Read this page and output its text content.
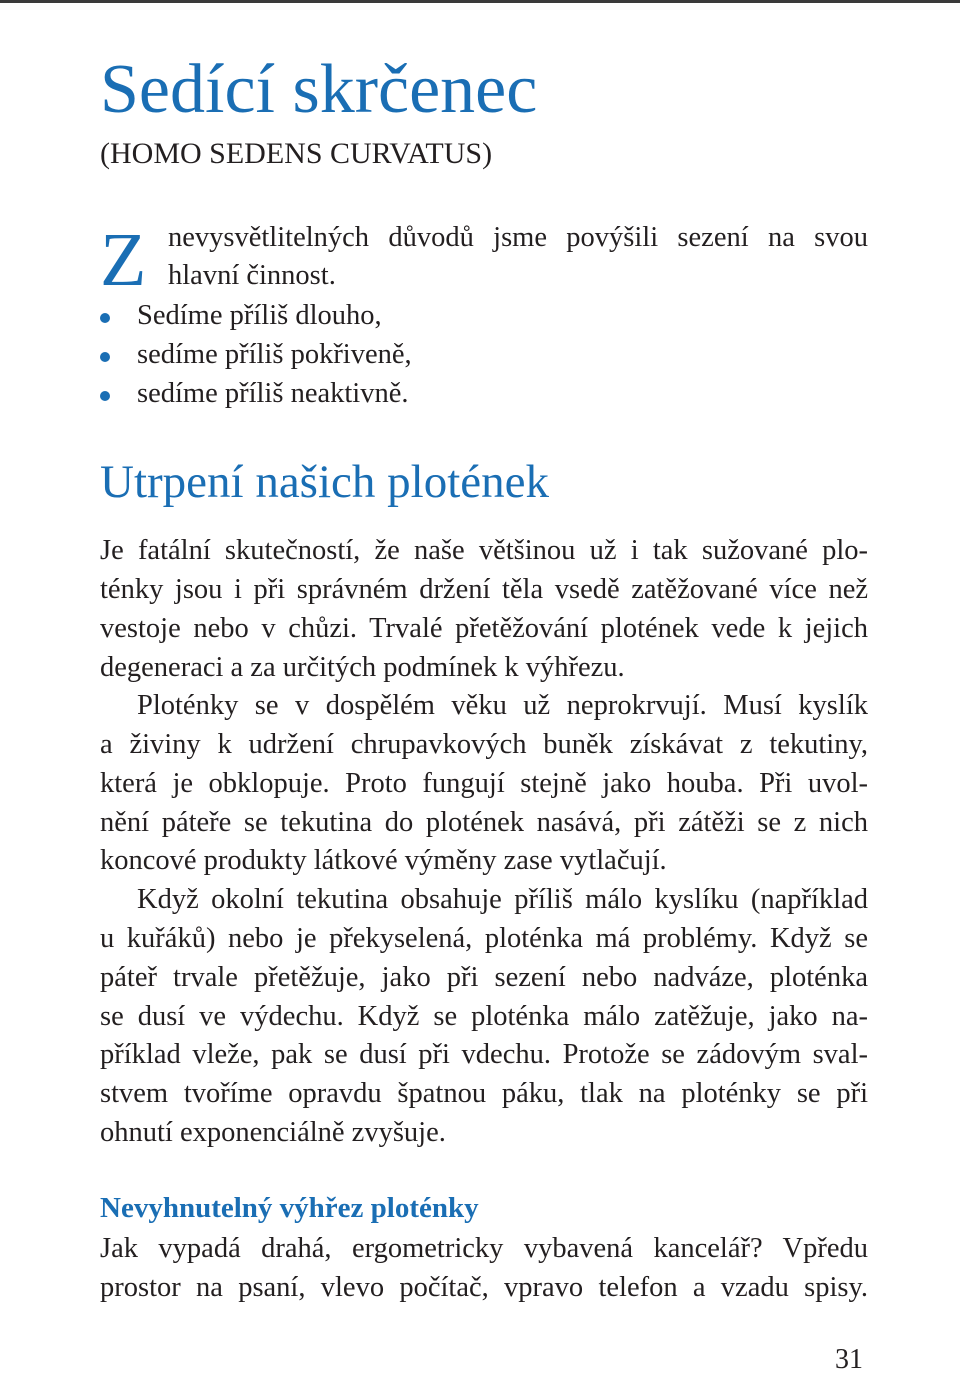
Sedící skrčenec
(HOMO SEDENS CURVATUS)
Z nevysvětlitelných důvodů jsme povýšili sezení na svou
hlavní činnost.
Sedíme příliš dlouho,
sedíme příliš pokřiveně,
sedíme příliš neaktivně.
Utrpení našich plotének
Je fatální skutečností, že naše většinou už i tak sužované plo-
ténky jsou i při správném držení těla vsedě zatěžované více než
vestoje nebo v chůzi. Trvalé přetěžování plotének vede k jejich
degeneraci a za určitých podmínek k výhřezu.
Ploténky se v dospělém věku už neprokrvují. Musí kyslík
a živiny k udržení chrupavkových buněk získávat z tekutiny,
která je obklopuje. Proto fungují stejně jako houba. Při uvol-
nění páteře se tekutina do plotének nasává, při zátěži se z nich
koncové produkty látkové výměny zase vytlačují.
Když okolní tekutina obsahuje příliš málo kyslíku (například
u kuřáků) nebo je překyselená, ploténka má problémy. Když se
páteř trvale přetěžuje, jako při sezení nebo nadváze, ploténka
se dusí ve výdechu. Když se ploténka málo zatěžuje, jako na-
příklad vleže, pak se dusí při vdechu. Protože se zádovým sval-
stvem tvoříme opravdu špatnou páku, tlak na ploténky se při
ohnutí exponenciálně zvyšuje.
Nevyhnutelný výhřez ploténky
Jak vypadá drahá, ergometricky vybavená kancelář? Vpředu
prostor na psaní, vlevo počítač, vpravo telefon a vzadu spisy.
31
